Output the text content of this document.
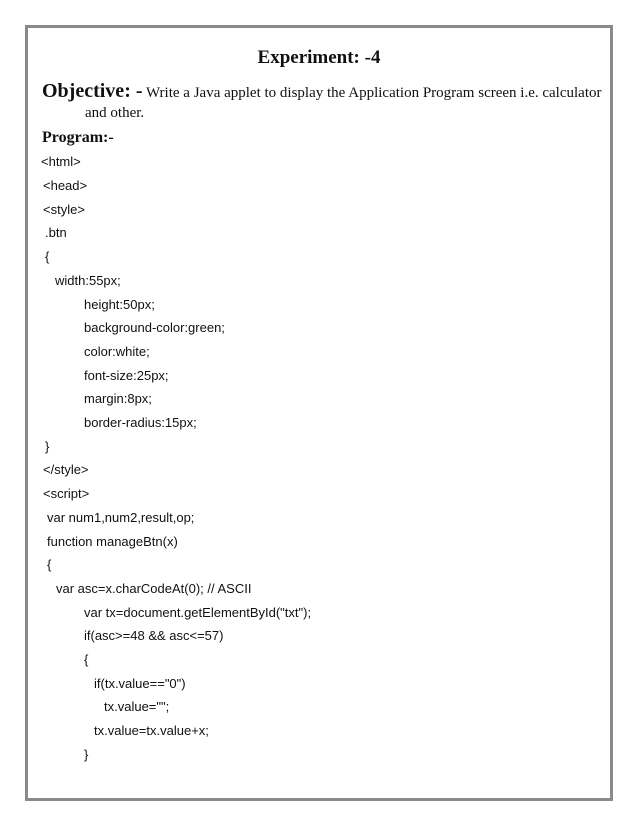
Experiment: -4
Objective: - Write a Java applet to display the Application Program screen i.e. calculator
and other.
Program:-
<html>
<head>
<style>
.btn
{
width:55px;
height:50px;
background-color:green;
color:white;
font-size:25px;
margin:8px;
border-radius:15px;
}
</style>
<script>
var num1,num2,result,op;
function manageBtn(x)
{
var asc=x.charCodeAt(0); // ASCII
var tx=document.getElementById("txt");
if(asc>=48 && asc<=57)
{
if(tx.value=="0")
tx.value="";
tx.value=tx.value+x;
}
